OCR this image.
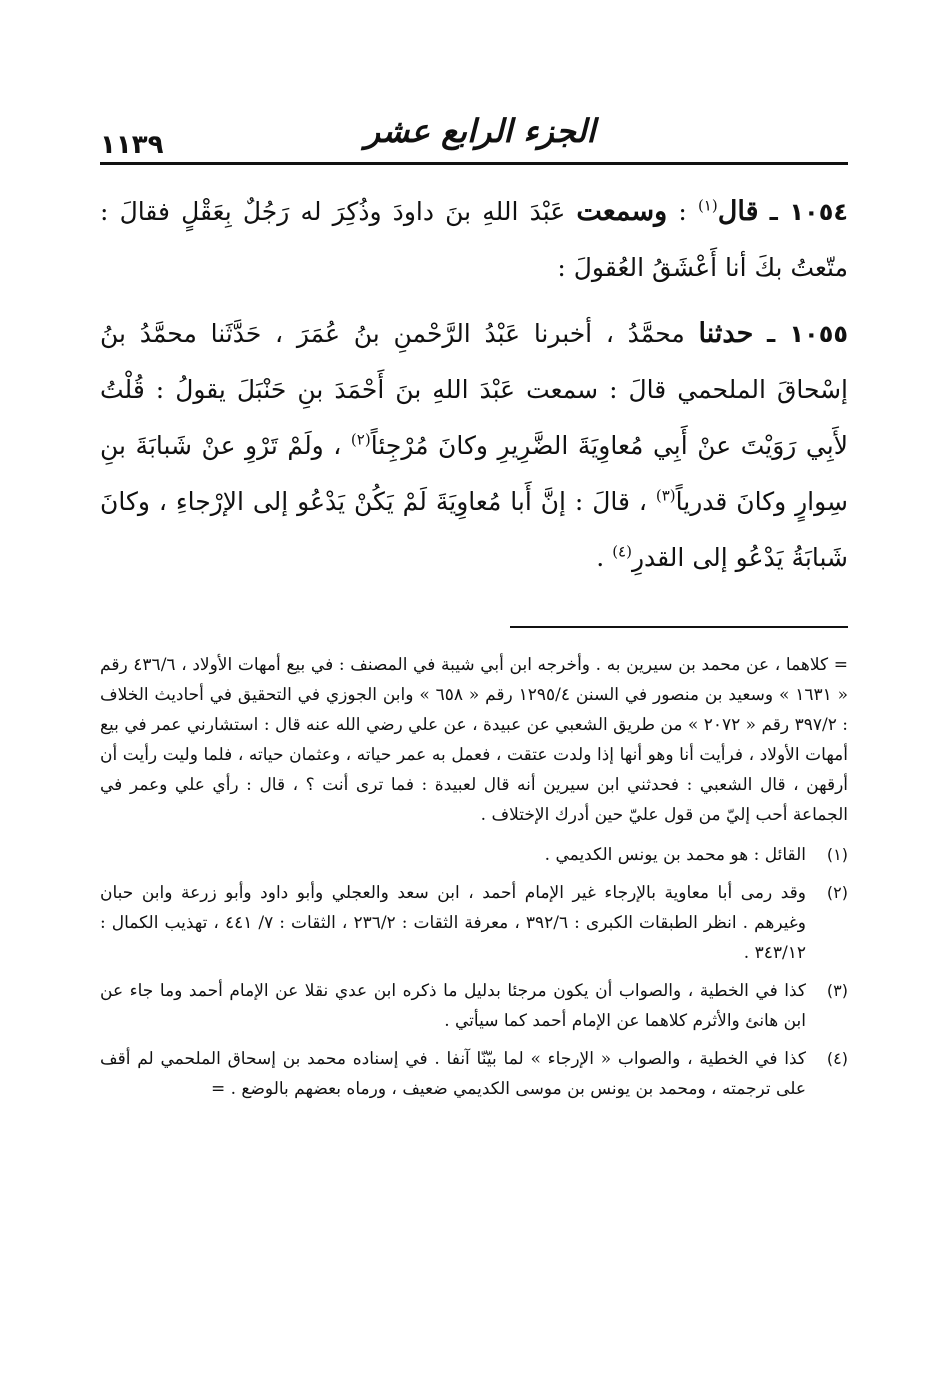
١١٣٩	الجزء الرابع عشر

١٠٥٤ ـ قال$^{(١)}$ : وسمعت عَبْدَ اللهِ بنَ داودَ وذُكِرَ له رَجُلٌ بِعَقْلٍ فقالَ : متّعتُ بكَ أنا أَعْشَقُ العُقولَ :

١٠٥٥ ـ حدثنا محمَّدُ ، أخبرنا عَبْدُ الرَّحْمنِ بنُ عُمَرَ ، حَدَّثَنا محمَّدُ بنُ إسْحاقَ الملحمي قالَ : سمعت عَبْدَ اللهِ بنَ أَحْمَدَ بنِ حَنْبَلَ يقولُ : قُلْتُ لأَبِي رَوَيْتَ عنْ أَبِي مُعاوِيَةَ الضَّرِيرِ وكانَ مُرْجِئاً$^{(٢)}$ ، ولَمْ تَرْوِ عنْ شَبابَةَ بنِ سِوارٍ وكانَ قدرياً$^{(٣)}$ ، قالَ : إنَّ أَبا مُعاوِيَةَ لَمْ يَكُنْ يَدْعُو إلى الإرْجاءِ ، وكانَ شَبابَةُ يَدْعُو إلى القدرِ$^{(٤)}$ .

= كلاهما ، عن محمد بن سيرين به . وأخرجه ابن أبي شيبة في المصنف : في بيع أمهات الأولاد ، ٤٣٦/٦ رقم « ١٦٣١ » وسعيد بن منصور في السنن ١٢٩٥/٤ رقم « ٦٥٨ » وابن الجوزي في التحقيق في أحاديث الخلاف : ٣٩٧/٢ رقم « ٢٠٧٢ » من طريق الشعبي عن عبيدة ، عن علي رضي الله عنه قال : استشارني عمر في بيع أمهات الأولاد ، فرأيت أنا وهو أنها إذا ولدت عتقت ، فعمل به عمر حياته ، وعثمان حياته ، فلما وليت رأيت أن أرقهن ، قال الشعبي : فحدثني ابن سيرين أنه قال لعبيدة : فما ترى أنت ؟ ، قال : رأي علي وعمر في الجماعة أحب إليّ من قول عليّ حين أدرك الإختلاف .

(١)
القائل : هو محمد بن يونس الكديمي .
(٢)
وقد رمى أبا معاوية بالإرجاء غير الإمام أحمد ، ابن سعد والعجلي وأبو داود وأبو زرعة وابن حبان وغيرهم . انظر الطبقات الكبرى : ٣٩٢/٦ ، معرفة الثقات : ٢٣٦/٢ ، الثقات : ٧/ ٤٤١ ، تهذيب الكمال : ٣٤٣/١٢ .
(٣)
كذا في الخطية ، والصواب أن يكون مرجئا بدليل ما ذكره ابن عدي نقلا عن الإمام أحمد وما جاء عن ابن هانئ والأثرم كلاهما عن الإمام أحمد كما سيأتي .
(٤)
كذا في الخطية ، والصواب « الإرجاء » لما بيّنّا آنفا . في إسناده محمد بن إسحاق الملحمي لم أقف على ترجمته ، ومحمد بن يونس بن موسى الكديمي ضعيف ، ورماه بعضهم بالوضع . =
